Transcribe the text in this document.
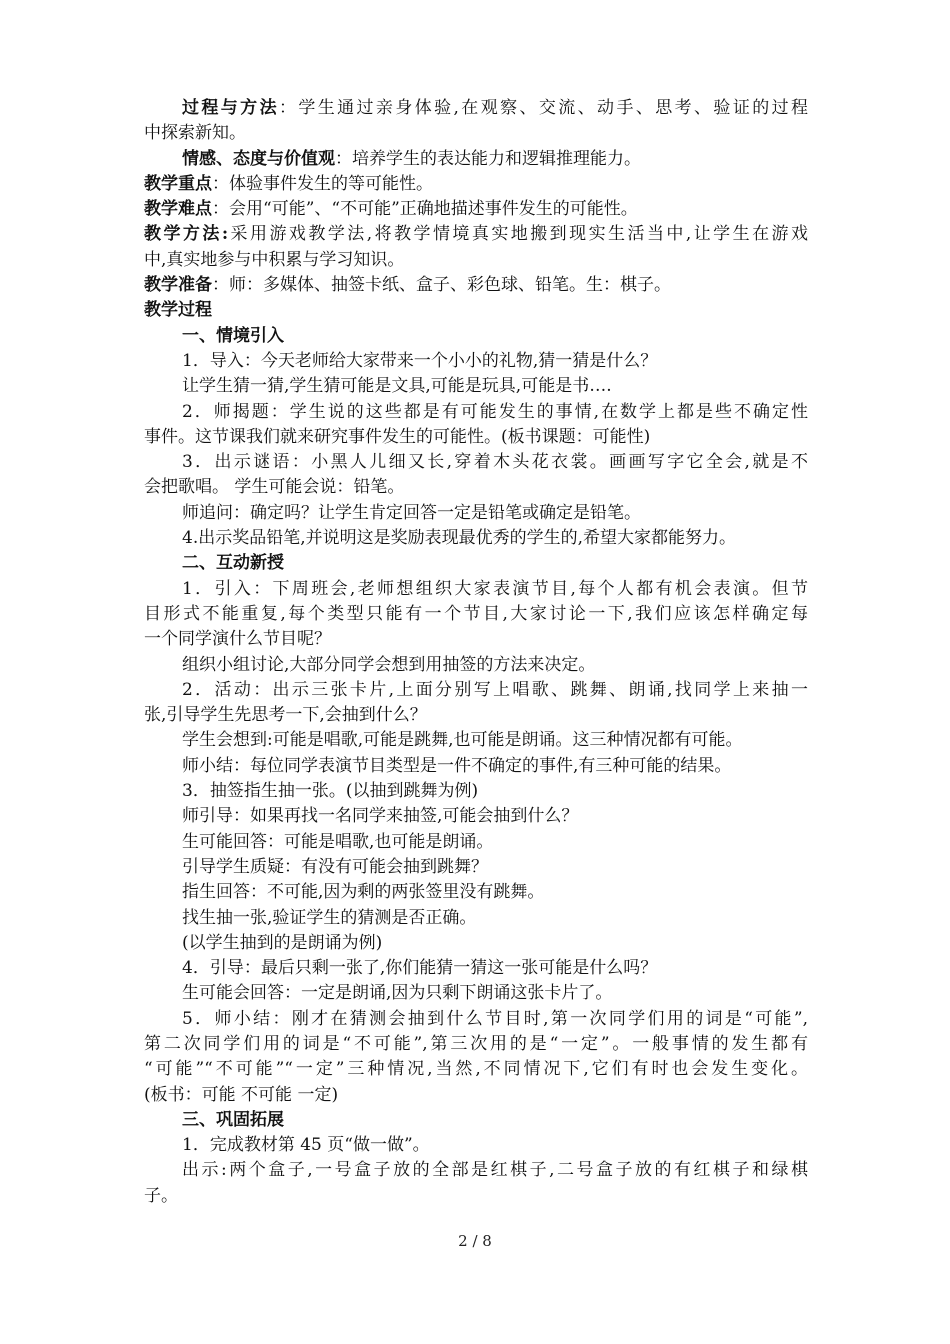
过程与方法：学生通过亲身体验,在观察、交流、动手、思考、验证的过程
中探索新知。
情感、态度与价值观：培养学生的表达能力和逻辑推理能力。
教学重点：体验事件发生的等可能性。
教学难点：会用“可能”、“不可能”正确地描述事件发生的可能性。
教学方法:采用游戏教学法,将教学情境真实地搬到现实生活当中,让学生在游戏
中,真实地参与中积累与学习知识。
教学准备：师：多媒体、抽签卡纸、盒子、彩色球、铅笔。生：棋子。
教学过程
一、情境引入
1．导入：今天老师给大家带来一个小小的礼物,猜一猜是什么？
让学生猜一猜,学生猜可能是文具,可能是玩具,可能是书….
2．师揭题：学生说的这些都是有可能发生的事情,在数学上都是些不确定性
事件。这节课我们就来研究事件发生的可能性。(板书课题：可能性)
3．出示谜语：小黑人儿细又长,穿着木头花衣裳。画画写字它全会,就是不
会把歌唱。 学生可能会说：铅笔。
师追问：确定吗？让学生肯定回答一定是铅笔或确定是铅笔。
4.出示奖品铅笔,并说明这是奖励表现最优秀的学生的,希望大家都能努力。
二、互动新授
1．引入：下周班会,老师想组织大家表演节目,每个人都有机会表演。但节
目形式不能重复,每个类型只能有一个节目,大家讨论一下,我们应该怎样确定每
一个同学演什么节目呢？
组织小组讨论,大部分同学会想到用抽签的方法来决定。
2．活动：出示三张卡片,上面分别写上唱歌、跳舞、朗诵,找同学上来抽一
张,引导学生先思考一下,会抽到什么？
学生会想到:可能是唱歌,可能是跳舞,也可能是朗诵。这三种情况都有可能。
师小结：每位同学表演节目类型是一件不确定的事件,有三种可能的结果。
3．抽签指生抽一张。(以抽到跳舞为例)
师引导：如果再找一名同学来抽签,可能会抽到什么？
生可能回答：可能是唱歌,也可能是朗诵。
引导学生质疑：有没有可能会抽到跳舞？
指生回答：不可能,因为剩的两张签里没有跳舞。
找生抽一张,验证学生的猜测是否正确。
(以学生抽到的是朗诵为例)
4．引导：最后只剩一张了,你们能猜一猜这一张可能是什么吗？
生可能会回答：一定是朗诵,因为只剩下朗诵这张卡片了。
5．师小结：刚才在猜测会抽到什么节目时,第一次同学们用的词是“可能”,
第二次同学们用的词是“不可能”,第三次用的是“一定”。一般事情的发生都有
“可能”“不可能”“一定”三种情况,当然,不同情况下,它们有时也会发生变化。
(板书：可能 不可能 一定)
三、巩固拓展
1．完成教材第 45 页“做一做”。
出示:两个盒子,一号盒子放的全部是红棋子,二号盒子放的有红棋子和绿棋
子。
2 / 8
